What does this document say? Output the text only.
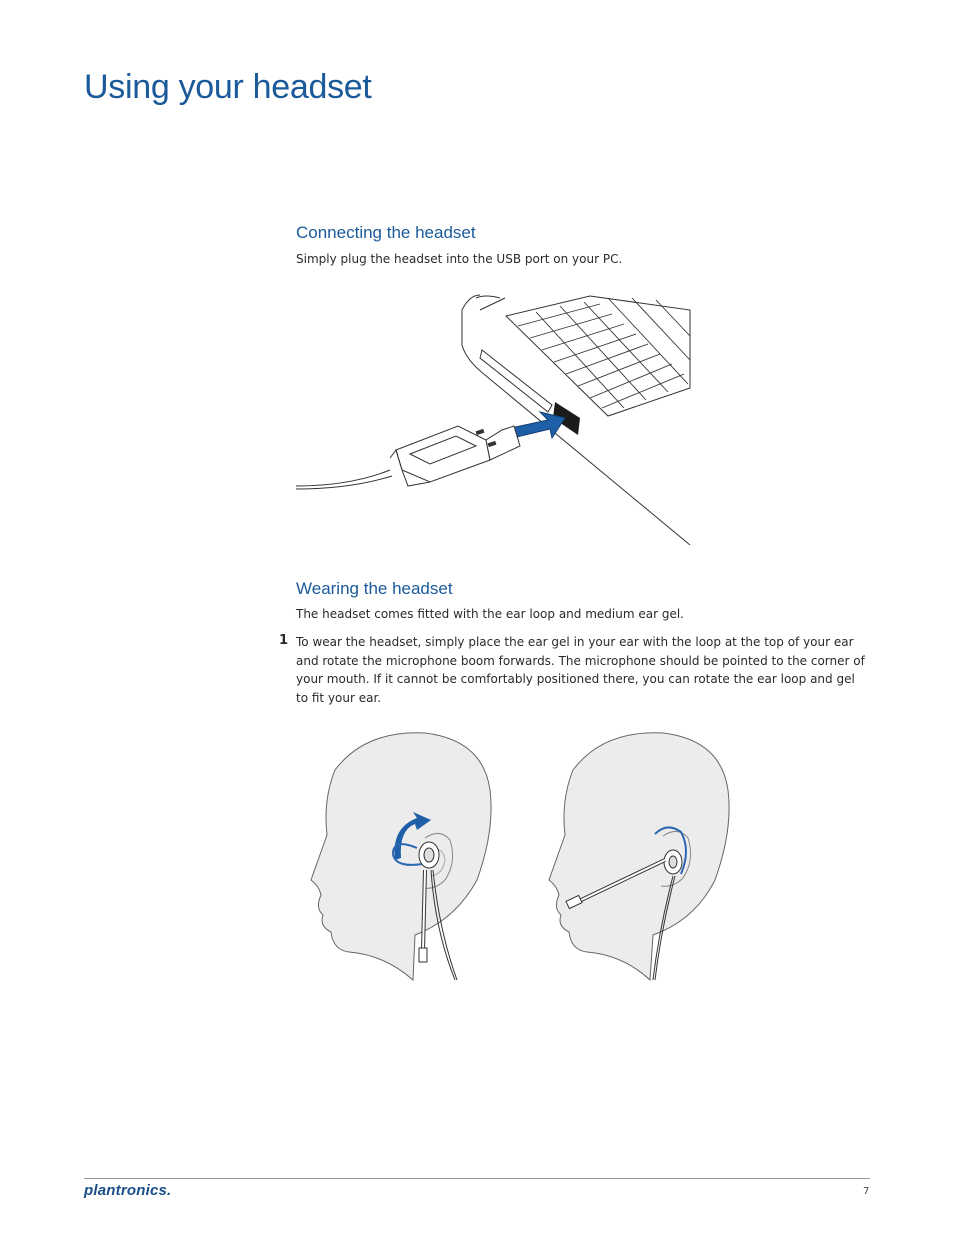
Using your headset
Connecting the headset

Simply plug the headset into the USB port on your PC.

Wearing the headset

The headset comes fitted with the ear loop and medium ear gel.

1 To wear the headset, simply place the ear gel in your ear with the loop at the top of your ear and rotate the microphone boom forwards. The microphone should be pointed to the corner of your mouth. If it cannot be comfortably positioned there, you can rotate the ear loop and gel to fit your ear.

plantronics.	7
